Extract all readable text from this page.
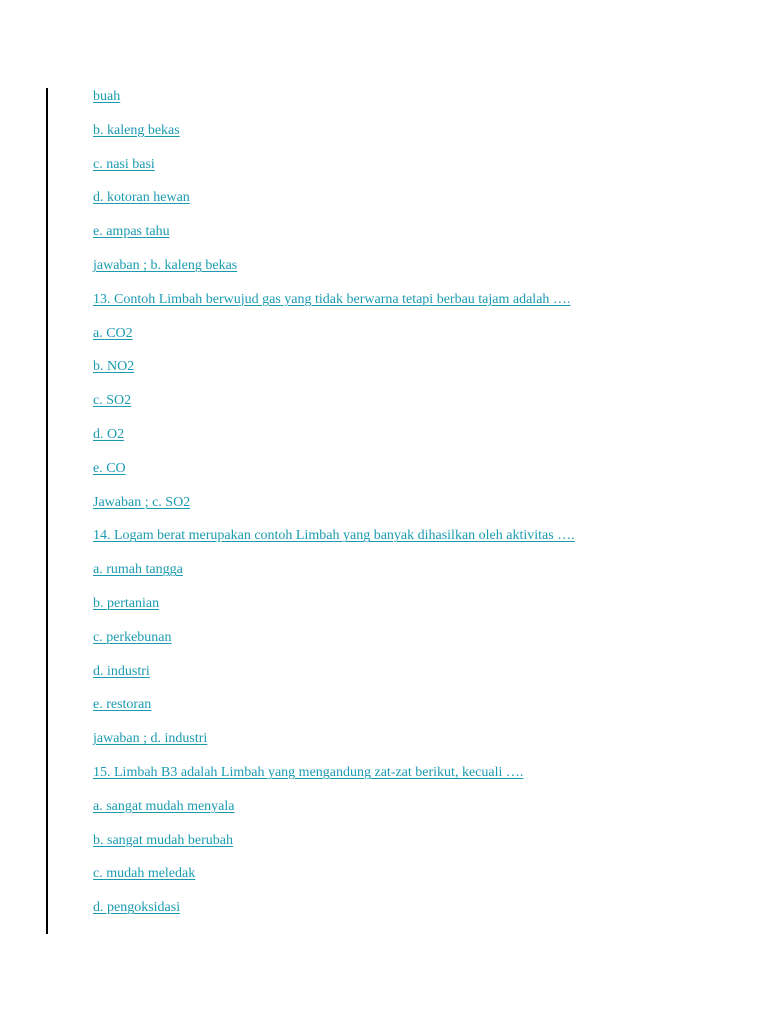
buah
b. kaleng bekas
c. nasi basi
d. kotoran hewan
e. ampas tahu
jawaban ; b. kaleng bekas
13. Contoh Limbah berwujud gas yang tidak berwarna tetapi berbau tajam adalah ….
a. CO2
b. NO2
c. SO2
d. O2
e. CO
Jawaban ; c. SO2
14. Logam berat merupakan contoh Limbah yang banyak dihasilkan oleh aktivitas ….
a. rumah tangga
b. pertanian
c. perkebunan
d. industri
e. restoran
jawaban ; d. industri
15. Limbah B3 adalah Limbah yang mengandung zat-zat berikut, kecuali ….
a. sangat mudah menyala
b. sangat mudah berubah
c. mudah meledak
d. pengoksidasi
